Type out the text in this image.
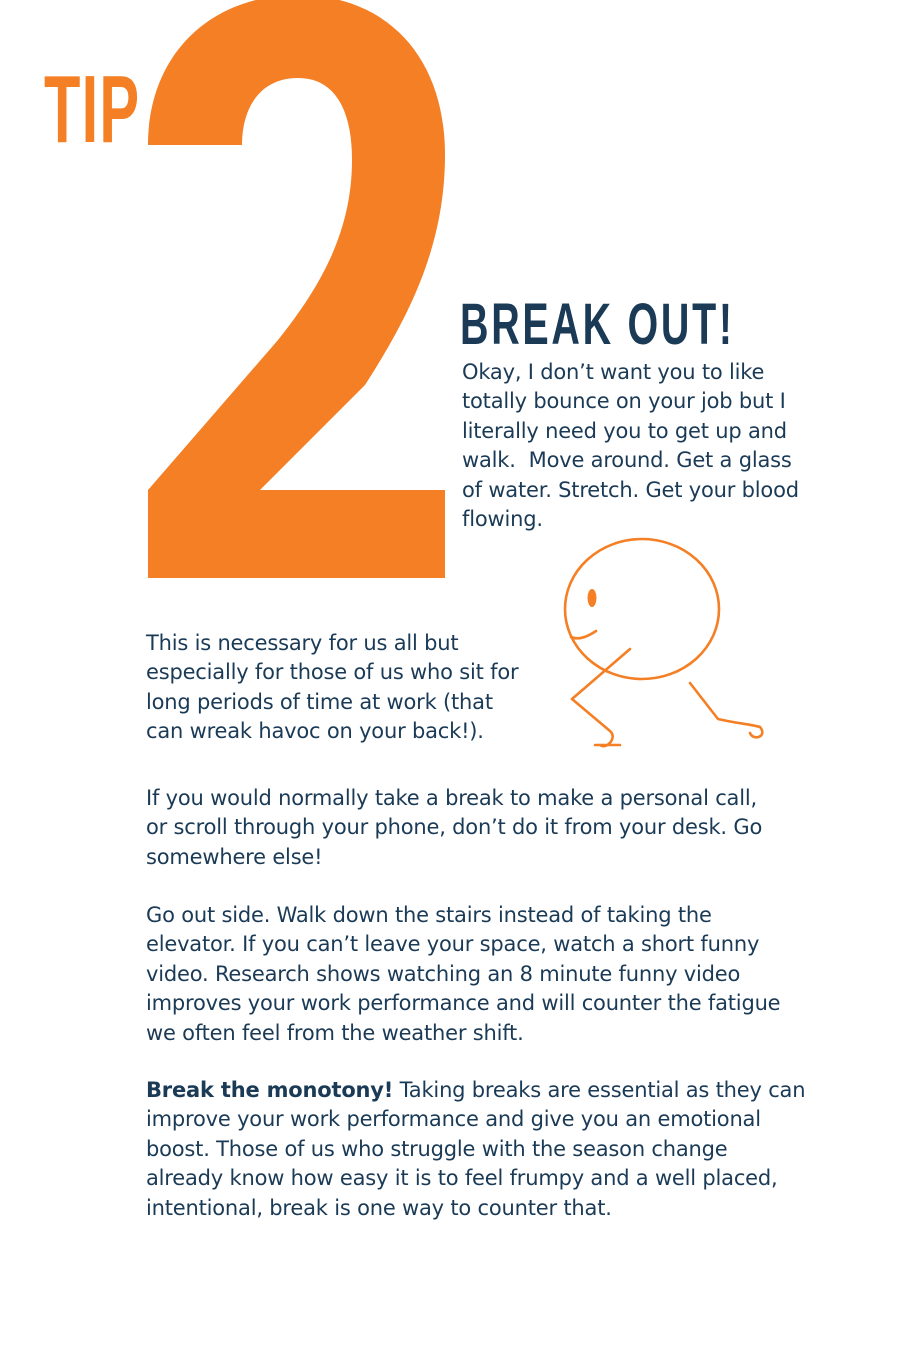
TIP
BREAK OUT!

Okay, I don’t want you to like
totally bounce on your job but I
literally need you to get up and
walk.  Move around. Get a glass
of water. Stretch. Get your blood
flowing.

This is necessary for us all but
especially for those of us who sit for
long periods of time at work (that
can wreak havoc on your back!).

If you would normally take a break to make a personal call,
or scroll through your phone, don’t do it from your desk. Go
somewhere else!

Go out side. Walk down the stairs instead of taking the
elevator. If you can’t leave your space, watch a short funny
video. Research shows watching an 8 minute funny video
improves your work performance and will counter the fatigue
we often feel from the weather shift.

Break the monotony! Taking breaks are essential as they can
improve your work performance and give you an emotional
boost. Those of us who struggle with the season change
already know how easy it is to feel frumpy and a well placed,
intentional, break is one way to counter that.
